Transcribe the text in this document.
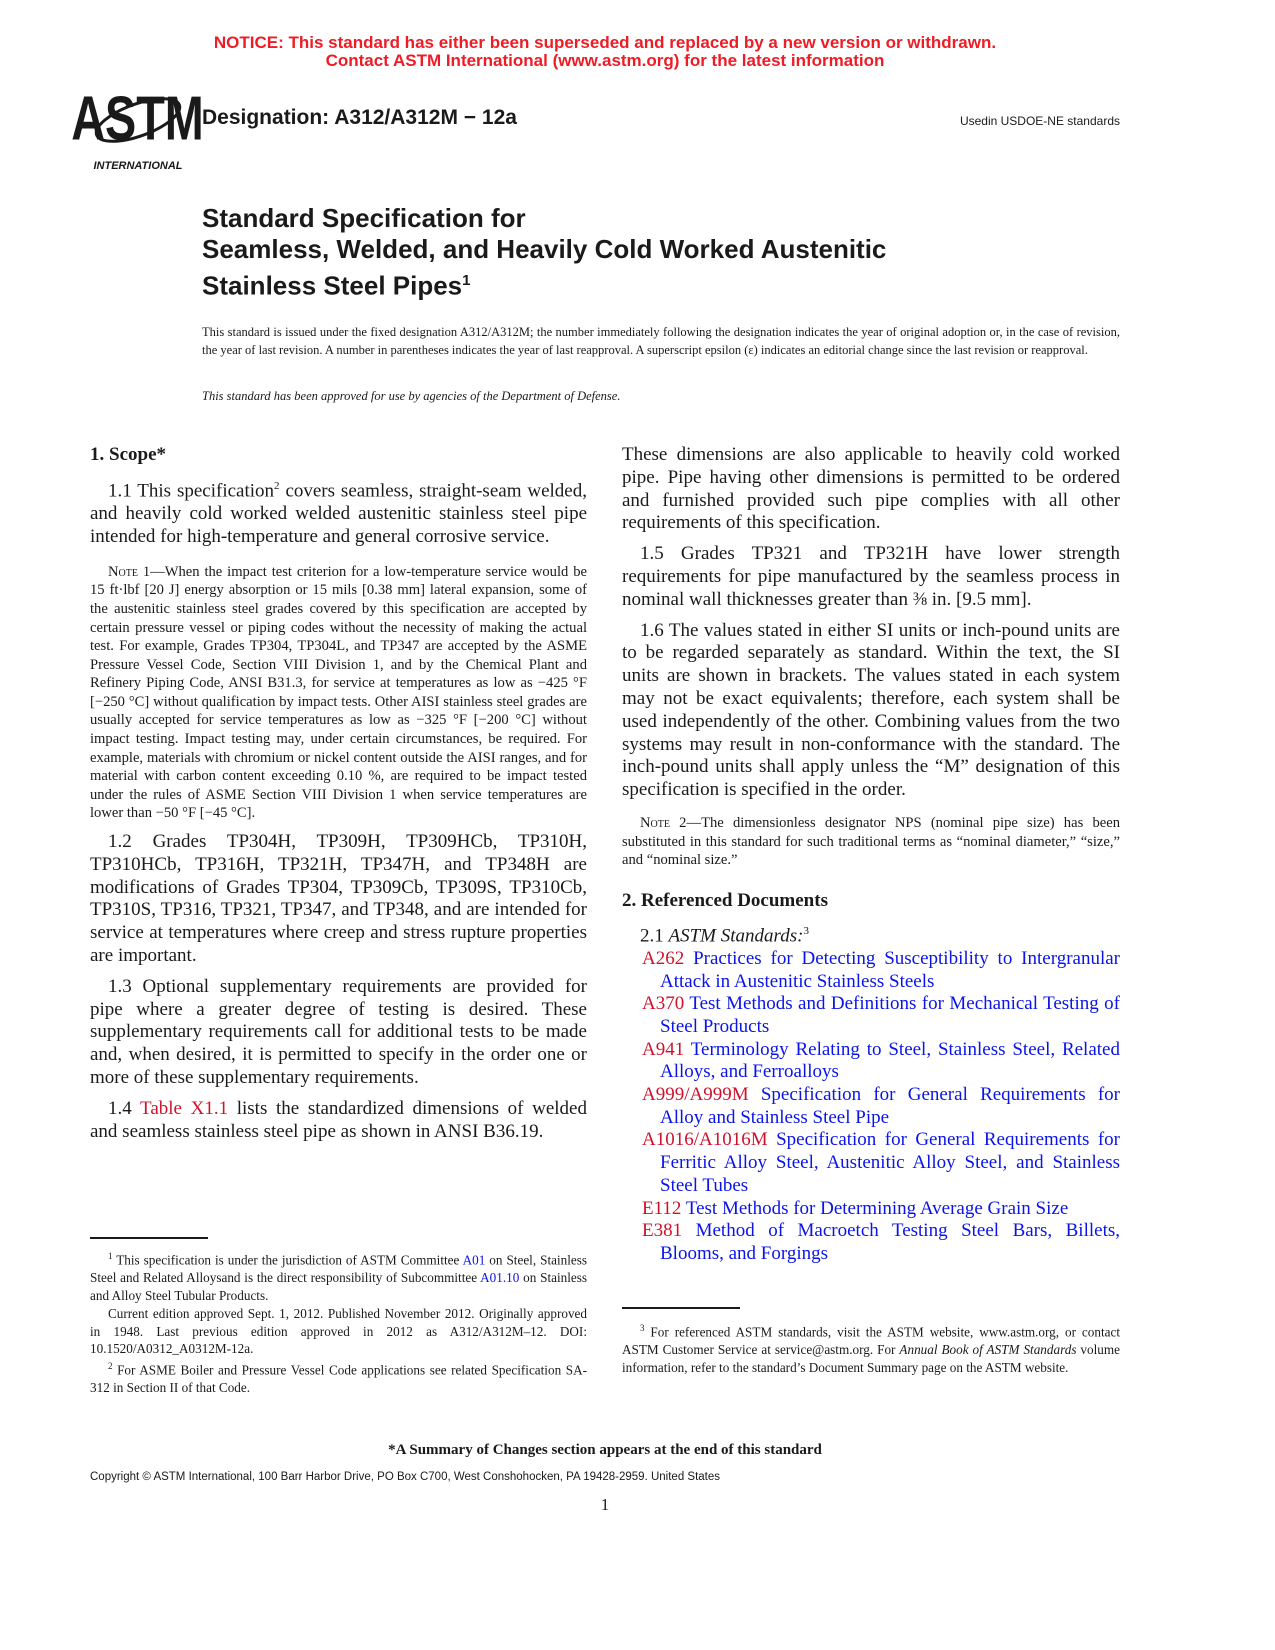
NOTICE: This standard has either been superseded and replaced by a new version or withdrawn.
Contact ASTM International (www.astm.org) for the latest information
ASTM
INTERNATIONAL
Designation: A312/A312M − 12a	Usedin USDOE-NE standards
Standard Specification for
Seamless, Welded, and Heavily Cold Worked Austenitic
Stainless Steel Pipes$^1$
This standard is issued under the fixed designation A312/A312M; the number immediately following the designation indicates the year of original adoption or, in the case of revision, the year of last revision. A number in parentheses indicates the year of last reapproval. A superscript epsilon (ε) indicates an editorial change since the last revision or reapproval.
This standard has been approved for use by agencies of the Department of Defense.
1. Scope*

1.1 This specification$^2$ covers seamless, straight-seam welded, and heavily cold worked welded austenitic stainless steel pipe intended for high-temperature and general corrosive service.

Note 1—When the impact test criterion for a low-temperature service would be 15 ft·lbf [20 J] energy absorption or 15 mils [0.38 mm] lateral expansion, some of the austenitic stainless steel grades covered by this specification are accepted by certain pressure vessel or piping codes without the necessity of making the actual test. For example, Grades TP304, TP304L, and TP347 are accepted by the ASME Pressure Vessel Code, Section VIII Division 1, and by the Chemical Plant and Refinery Piping Code, ANSI B31.3, for service at temperatures as low as −425 °F [−250 °C] without qualification by impact tests. Other AISI stainless steel grades are usually accepted for service temperatures as low as −325 °F [−200 °C] without impact testing. Impact testing may, under certain circumstances, be required. For example, materials with chromium or nickel content outside the AISI ranges, and for material with carbon content exceeding 0.10 %, are required to be impact tested under the rules of ASME Section VIII Division 1 when service temperatures are lower than −50 °F [−45 °C].

1.2 Grades TP304H, TP309H, TP309HCb, TP310H, TP310HCb, TP316H, TP321H, TP347H, and TP348H are modifications of Grades TP304, TP309Cb, TP309S, TP310Cb, TP310S, TP316, TP321, TP347, and TP348, and are intended for service at temperatures where creep and stress rupture properties are important.

1.3 Optional supplementary requirements are provided for pipe where a greater degree of testing is desired. These supplementary requirements call for additional tests to be made and, when desired, it is permitted to specify in the order one or more of these supplementary requirements.

1.4 Table X1.1 lists the standardized dimensions of welded and seamless stainless steel pipe as shown in ANSI B36.19.

$^1$ This specification is under the jurisdiction of ASTM Committee A01 on Steel, Stainless Steel and Related Alloysand is the direct responsibility of Subcommittee A01.10 on Stainless and Alloy Steel Tubular Products.

Current edition approved Sept. 1, 2012. Published November 2012. Originally approved in 1948. Last previous edition approved in 2012 as A312/A312M–12. DOI: 10.1520/A0312_A0312M-12a.

$^2$ For ASME Boiler and Pressure Vessel Code applications see related Specification SA-312 in Section II of that Code.

These dimensions are also applicable to heavily cold worked pipe. Pipe having other dimensions is permitted to be ordered and furnished provided such pipe complies with all other requirements of this specification.

1.5 Grades TP321 and TP321H have lower strength requirements for pipe manufactured by the seamless process in nominal wall thicknesses greater than ⅜ in. [9.5 mm].

1.6 The values stated in either SI units or inch-pound units are to be regarded separately as standard. Within the text, the SI units are shown in brackets. The values stated in each system may not be exact equivalents; therefore, each system shall be used independently of the other. Combining values from the two systems may result in non-conformance with the standard. The inch-pound units shall apply unless the “M” designation of this specification is specified in the order.

Note 2—The dimensionless designator NPS (nominal pipe size) has been substituted in this standard for such traditional terms as “nominal diameter,” “size,” and “nominal size.”

2. Referenced Documents

2.1 ASTM Standards:$^3$

A262 Practices for Detecting Susceptibility to Intergranular Attack in Austenitic Stainless Steels

A370 Test Methods and Definitions for Mechanical Testing of Steel Products

A941 Terminology Relating to Steel, Stainless Steel, Related Alloys, and Ferroalloys

A999/A999M Specification for General Requirements for Alloy and Stainless Steel Pipe

A1016/A1016M Specification for General Requirements for Ferritic Alloy Steel, Austenitic Alloy Steel, and Stainless Steel Tubes

E112 Test Methods for Determining Average Grain Size

E381 Method of Macroetch Testing Steel Bars, Billets, Blooms, and Forgings

$^3$ For referenced ASTM standards, visit the ASTM website, www.astm.org, or contact ASTM Customer Service at service@astm.org. For Annual Book of ASTM Standards volume information, refer to the standard’s Document Summary page on the ASTM website.

*A Summary of Changes section appears at the end of this standard
Copyright © ASTM International, 100 Barr Harbor Drive, PO Box C700, West Conshohocken, PA 19428-2959. United States
1
